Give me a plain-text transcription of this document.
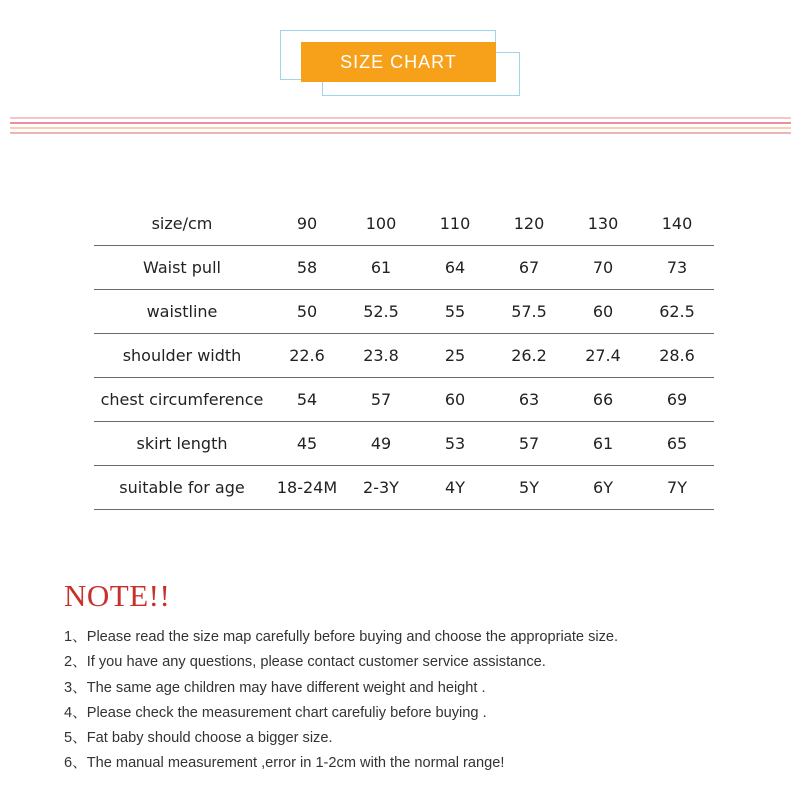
SIZE CHART
size/cm	90	100	110	120	130	140
Waist pull	58	61	64	67	70	73
waistline	50	52.5	55	57.5	60	62.5
shoulder width	22.6	23.8	25	26.2	27.4	28.6
chest circumference	54	57	60	63	66	69
skirt length	45	49	53	57	61	65
suitable for age	18-24M	2-3Y	4Y	5Y	6Y	7Y
NOTE!!
1、Please read the size map carefully before buying and choose the appropriate size.
2、If you have any questions, please contact customer service assistance.
3、The same age children may have different weight and height .
4、Please check the measurement chart carefuliy before buying .
5、Fat baby should choose a bigger size.
6、The manual measurement ,error in 1-2cm with the normal range!
